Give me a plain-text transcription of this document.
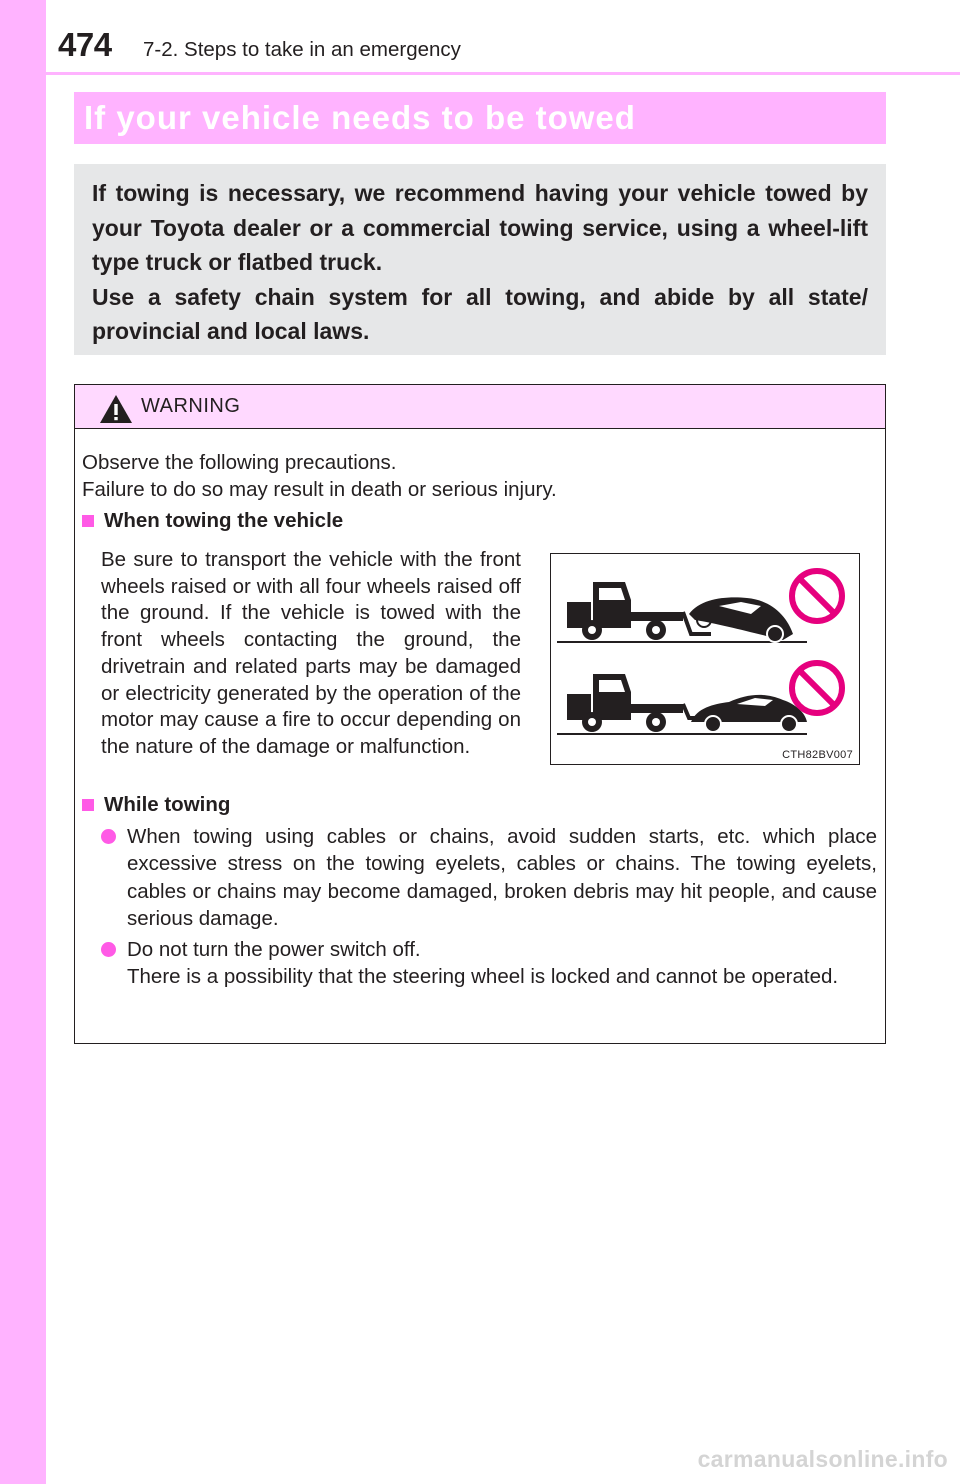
474 7-2. Steps to take in an emergency
If your vehicle needs to be towed

If towing is necessary, we recommend having your vehicle towed by your Toyota dealer or a commercial towing service, using a wheel-lift type truck or flatbed truck.

Use a safety chain system for all towing, and abide by all state/ provincial and local laws.

WARNING
Observe the following precautions.
Failure to do so may result in death or serious injury.
When towing the vehicle

Be sure to transport the vehicle with the front wheels raised or with all four wheels raised off the ground. If the vehicle is towed with the front wheels contacting the ground, the drivetrain and related parts may be damaged or electricity generated by the operation of the motor may cause a fire to occur depending on the nature of the damage or malfunction.	CTH82BV007
While towing
When towing using cables or chains, avoid sudden starts, etc. which place excessive stress on the towing eyelets, cables or chains. The towing eyelets, cables or chains may become damaged, broken debris may hit people, and cause serious damage.
Do not turn the power switch off.
There is a possibility that the steering wheel is locked and cannot be operated.
carmanualsonline.info
